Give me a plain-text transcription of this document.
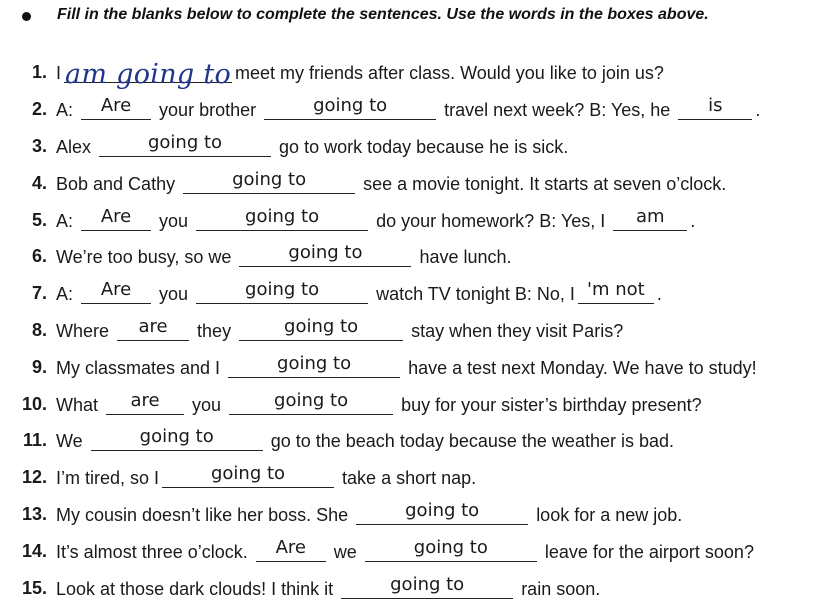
Fill in the blanks below to complete the sentences. Use the words in the boxes above.
1. I am going to meet my friends after class. Would you like to join us?
2. A:	Are	your brother	going to	travel next week? B: Yes, he	is	.
3. Alex	going to	go to work today because he is sick.
4. Bob and Cathy	going to	see a movie tonight. It starts at seven o’clock.
5. A:	Are	you	going to	do your homework? B: Yes, I	am	.
6. We’re too busy, so we	going to	have lunch.
7. A:	Are	you	going to	watch TV tonight B: No, I 'm not .
8. Where	are	they	going to	stay when they visit Paris?
9. My classmates and I	going to	have a test next Monday. We have to study!
10. What	are	you	going to	buy for your sister’s birthday present?
11. We	going to	go to the beach today because the weather is bad.
12. I’m tired, so I	going to	take a short nap.
13. My cousin doesn’t like her boss. She	going to	look for a new job.
14. It’s almost three o’clock.	Are	we	going to	leave for the airport soon?
15. Look at those dark clouds! I think it	going to	rain soon.
